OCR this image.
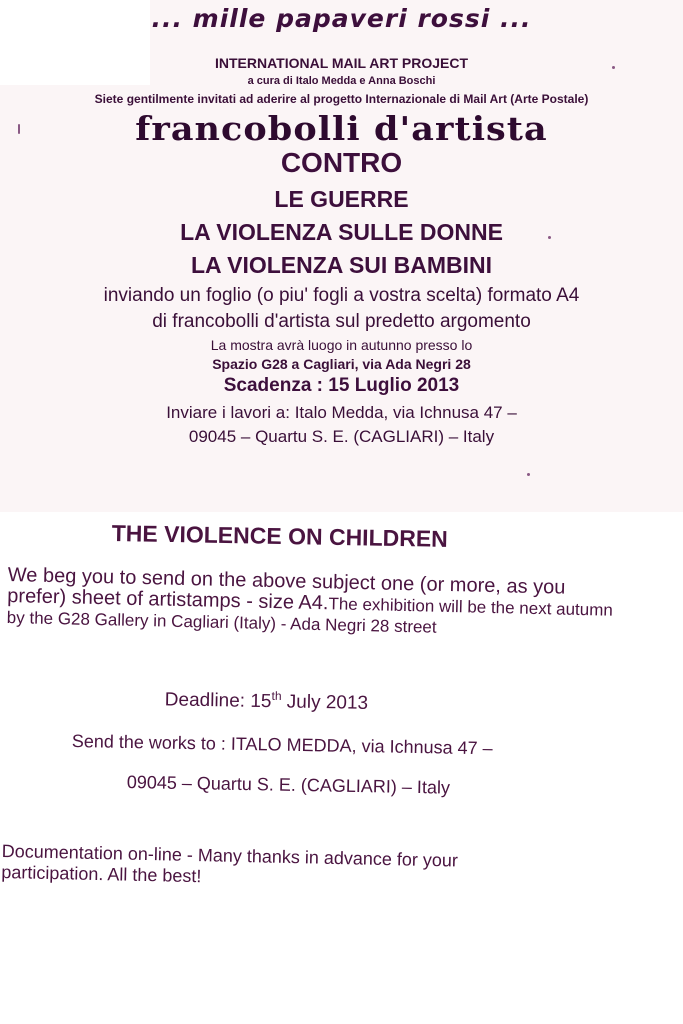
... mille papaveri rossi ...
INTERNATIONAL MAIL ART PROJECT
a cura di Italo Medda e Anna Boschi
Siete gentilmente invitati ad aderire al progetto Internazionale di Mail Art (Arte Postale)
francobolli d'artista
CONTRO
LE GUERRE
LA VIOLENZA SULLE DONNE
LA VIOLENZA SUI BAMBINI
inviando un foglio (o piu' fogli a vostra scelta) formato A4
di francobolli d'artista sul predetto argomento
La mostra avrà luogo in autunno presso lo
Spazio G28 a Cagliari, via Ada Negri 28
Scadenza : 15 Luglio 2013
Inviare i lavori a: Italo Medda, via Ichnusa 47 –
09045 – Quartu S. E. (CAGLIARI) – Italy
THE VIOLENCE ON CHILDREN
We beg you to send on the above subject one (or more, as you prefer) sheet of artistamps - size A4.The exhibition will be the next autumn by the G28 Gallery in Cagliari (Italy) - Ada Negri 28 street
Deadline: 15th July 2013
Send the works to : ITALO MEDDA, via Ichnusa 47 –
09045 – Quartu S. E. (CAGLIARI) – Italy
Documentation on-line - Many thanks in advance for your participation. All the best!
